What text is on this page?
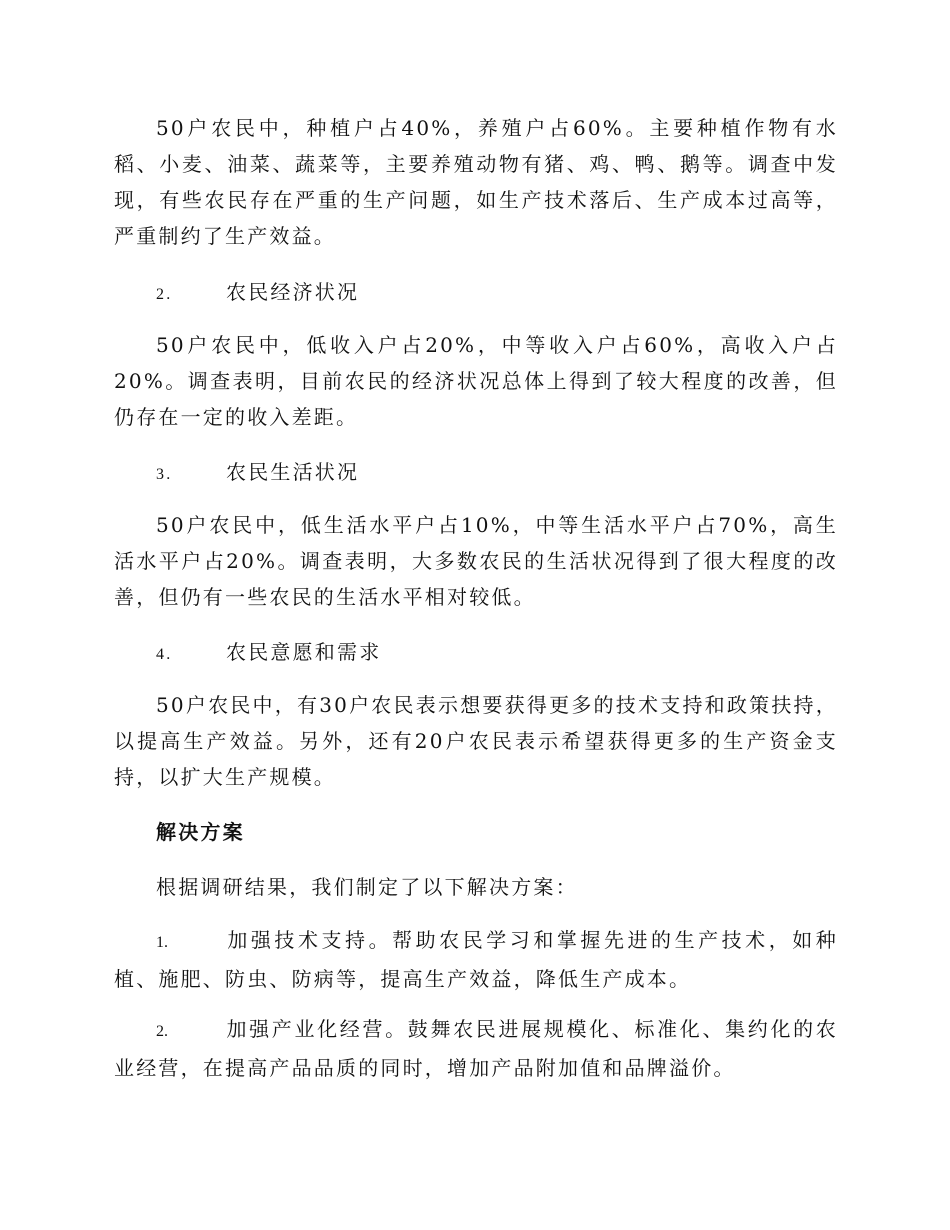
50户农民中，种植户占40%，养殖户占60%。主要种植作物有水稻、小麦、油菜、蔬菜等，主要养殖动物有猪、鸡、鸭、鹅等。调查中发现，有些农民存在严重的生产问题，如生产技术落后、生产成本过高等，严重制约了生产效益。

2.	农民经济状况

50户农民中，低收入户占20%，中等收入户占60%，高收入户占20%。调查表明，目前农民的经济状况总体上得到了较大程度的改善，但仍存在一定的收入差距。

3.	农民生活状况

50户农民中，低生活水平户占10%，中等生活水平户占70%，高生活水平户占20%。调查表明，大多数农民的生活状况得到了很大程度的改善，但仍有一些农民的生活水平相对较低。

4.	农民意愿和需求

50户农民中，有30户农民表示想要获得更多的技术支持和政策扶持，以提高生产效益。另外，还有20户农民表示希望获得更多的生产资金支持，以扩大生产规模。

解决方案

根据调研结果，我们制定了以下解决方案：

1.	加强技术支持。帮助农民学习和掌握先进的生产技术，如种植、施肥、防虫、防病等，提高生产效益，降低生产成本。

2.	加强产业化经营。鼓舞农民进展规模化、标准化、集约化的农业经营，在提高产品品质的同时，增加产品附加值和品牌溢价。
